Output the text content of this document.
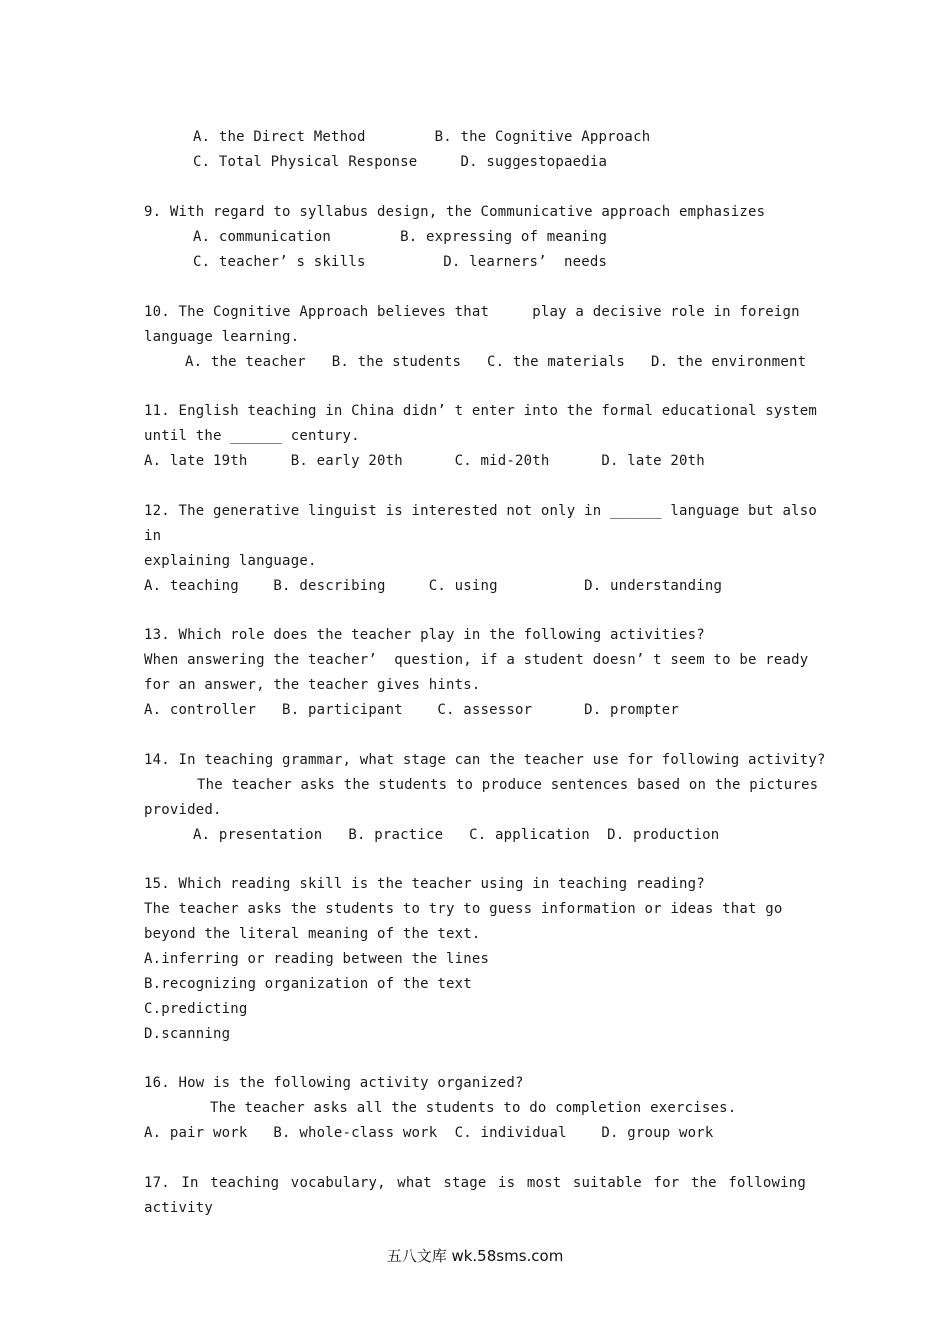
A. the Direct Method        B. the Cognitive Approach
C. Total Physical Response     D. suggestopaedia
9. With regard to syllabus design, the Communicative approach emphasizes
A. communication        B. expressing of meaning
C. teacher’ s skills         D. learners’  needs
10. The Cognitive Approach believes that     play a decisive role in foreign
language learning.
A. the teacher   B. the students   C. the materials   D. the environment
11. English teaching in China didn’ t enter into the formal educational system
until the ______ century.
A. late 19th     B. early 20th      C. mid-20th      D. late 20th
12. The generative linguist is interested not only in ______ language but also
in
explaining language.
A. teaching    B. describing     C. using          D. understanding
13. Which role does the teacher play in the following activities?
When answering the teacher’  question, if a student doesn’ t seem to be ready
for an answer, the teacher gives hints.
A. controller   B. participant    C. assessor      D. prompter
14. In teaching grammar, what stage can the teacher use for following activity?
The teacher asks the students to produce sentences based on the pictures
provided.
A. presentation   B. practice   C. application  D. production
15. Which reading skill is the teacher using in teaching reading?
The teacher asks the students to try to guess information or ideas that go
beyond the literal meaning of the text.
A.inferring or reading between the lines
B.recognizing organization of the text
C.predicting
D.scanning
16. How is the following activity organized?
The teacher asks all the students to do completion exercises.
A. pair work   B. whole-class work  C. individual    D. group work
17. In teaching vocabulary, what stage is most suitable for the following
activity
五八文库 wk.58sms.com
